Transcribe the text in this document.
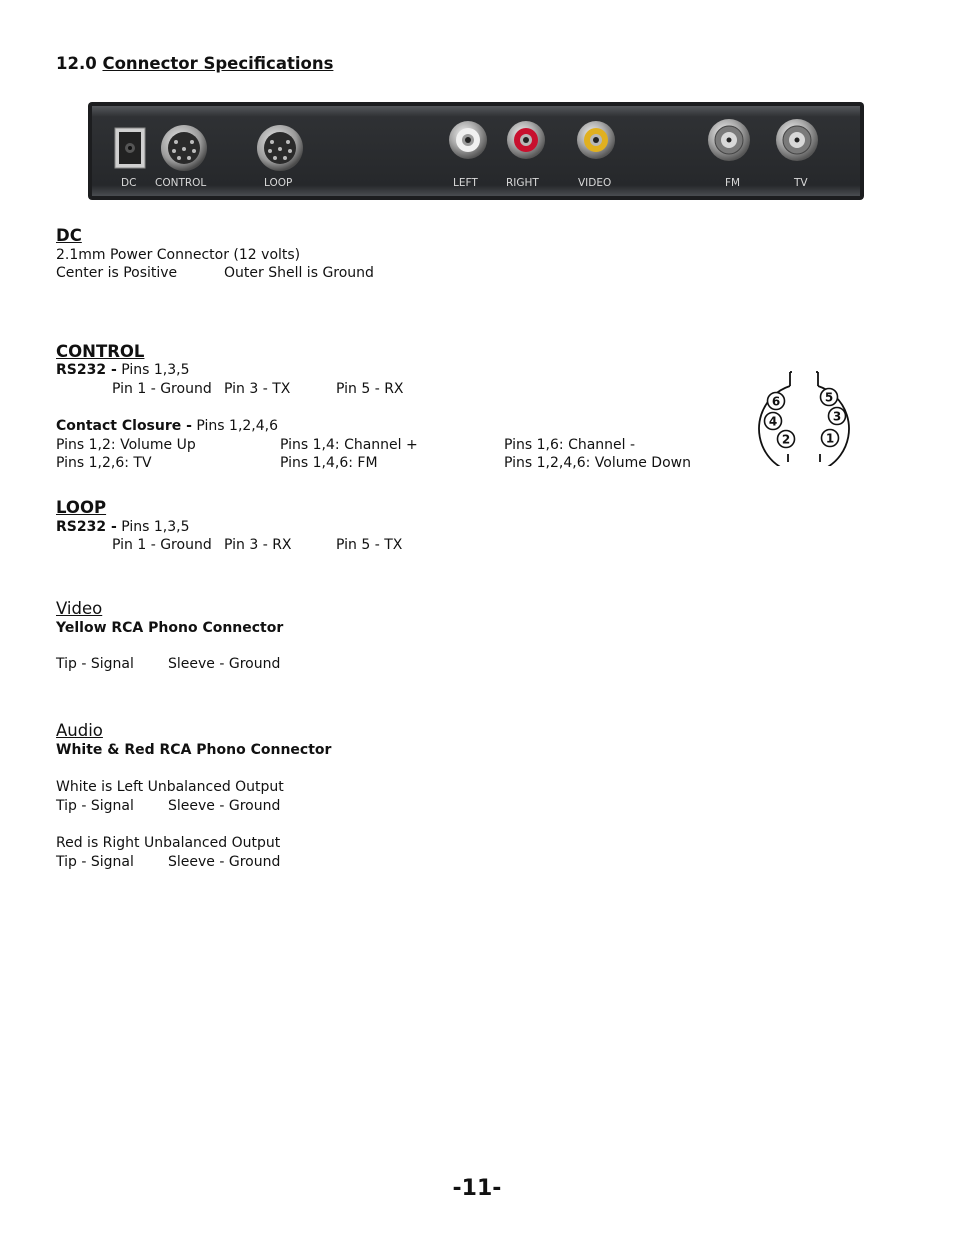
12.0 Connector Specifications
DC CONTROL	LOOP	LEFT	RIGHT	VIDEO	FM	TV
DC
2.1mm Power Connector (12 volts)
Center is Positive	Outer Shell is Ground
CONTROL
RS232 - Pins 1,3,5
Pin 1 - Ground Pin 3 - TX	Pin 5 - RX
Contact Closure - Pins 1,2,4,6
Pins 1,2: Volume Up	Pins 1,4: Channel +	Pins 1,6: Channel -
Pins 1,2,6: TV	Pins 1,4,6: FM	Pins 1,2,4,6: Volume Down
6	5
4	3
2	1
LOOP
RS232 - Pins 1,3,5
Pin 1 - Ground Pin 3 - RX	Pin 5 - TX
Video
Yellow RCA Phono Connector
Tip - Signal Sleeve - Ground
Audio
White & Red RCA Phono Connector
White is Left Unbalanced Output
Tip - Signal Sleeve - Ground
Red is Right Unbalanced Output
Tip - Signal Sleeve - Ground
-11-
